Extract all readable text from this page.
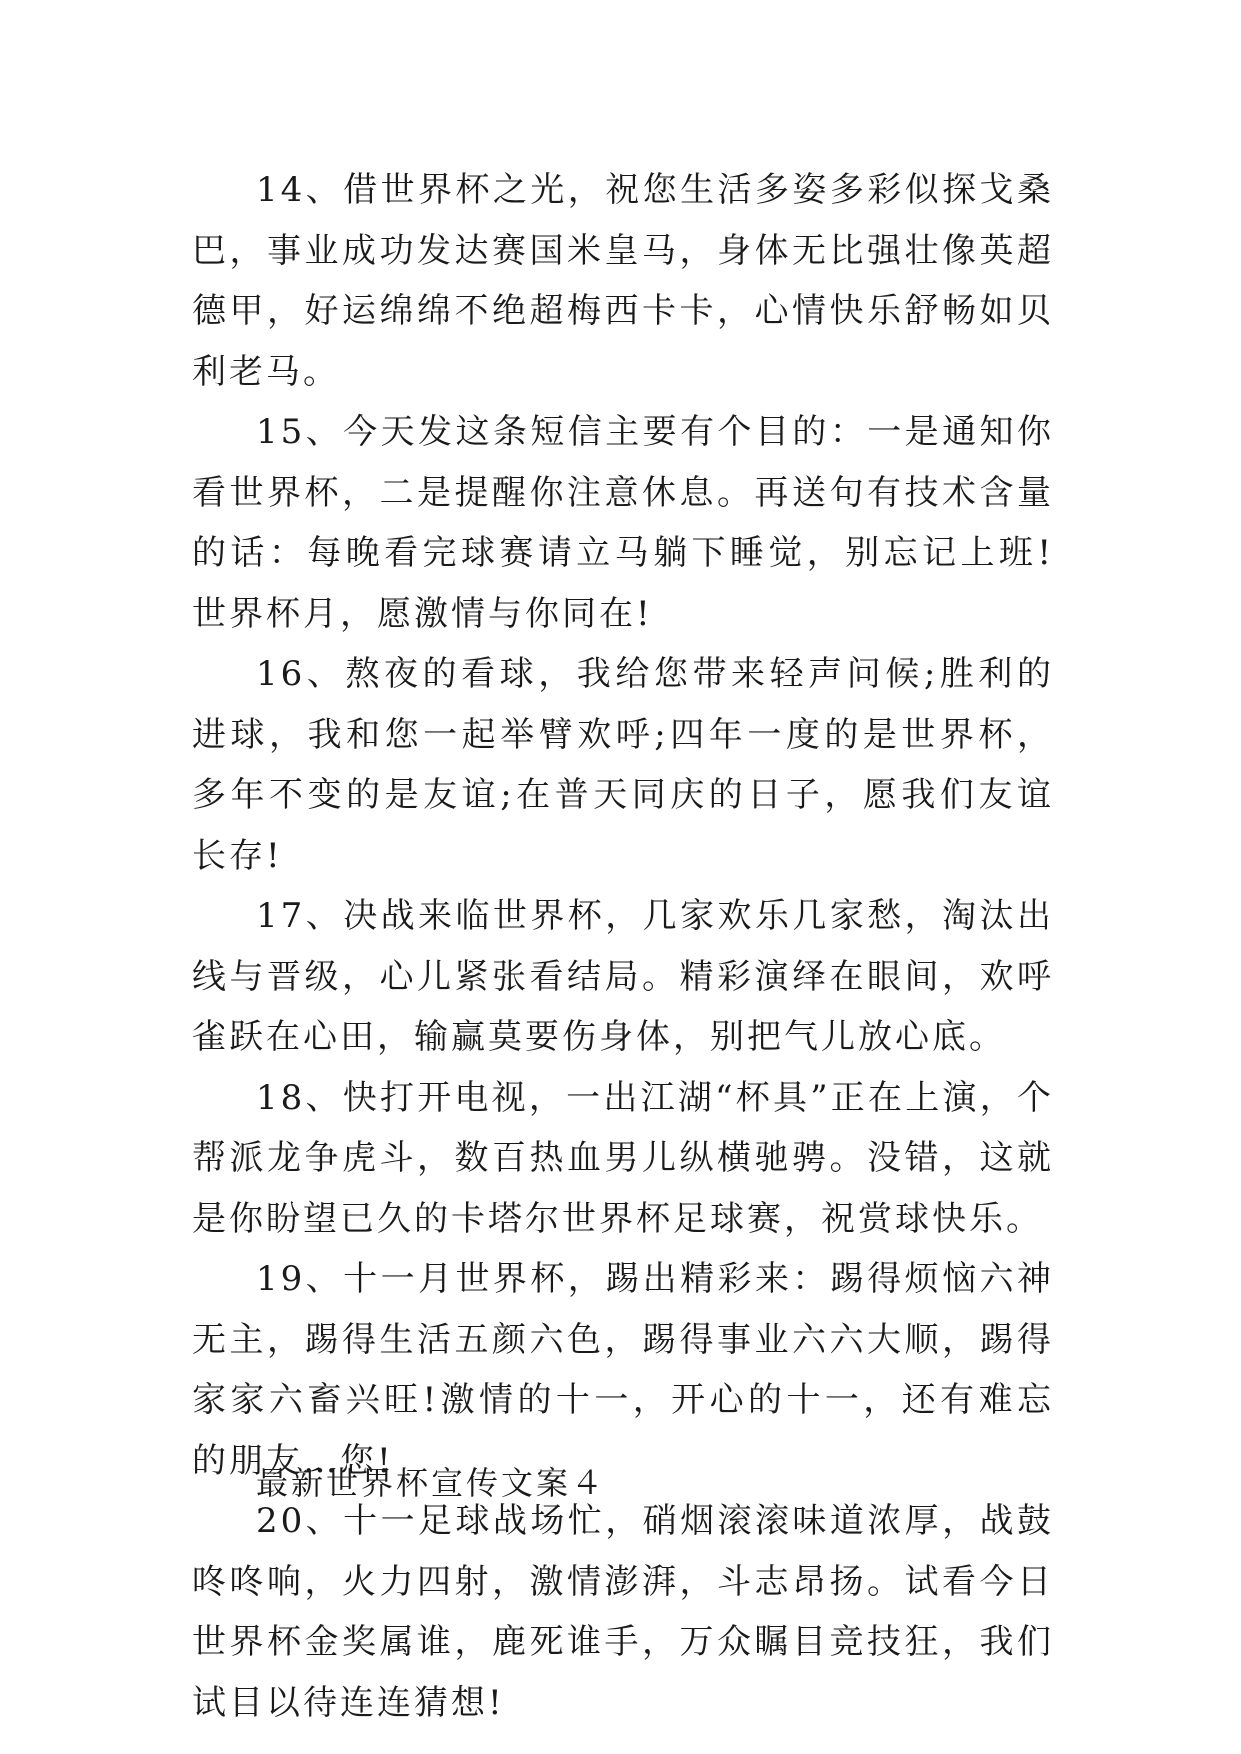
14、借世界杯之光，祝您生活多姿多彩似探戈桑巴，事业成功发达赛国米皇马，身体无比强壮像英超德甲，好运绵绵不绝超梅西卡卡，心情快乐舒畅如贝利老马。

15、今天发这条短信主要有个目的：一是通知你看世界杯，二是提醒你注意休息。再送句有技术含量的话：每晚看完球赛请立马躺下睡觉，别忘记上班!世界杯月，愿激情与你同在!

16、熬夜的看球，我给您带来轻声问候;胜利的进球，我和您一起举臂欢呼;四年一度的是世界杯，多年不变的是友谊;在普天同庆的日子，愿我们友谊长存!

17、决战来临世界杯，几家欢乐几家愁，淘汰出线与晋级，心儿紧张看结局。精彩演绎在眼间，欢呼雀跃在心田，输赢莫要伤身体，别把气儿放心底。

18、快打开电视，一出江湖“杯具”正在上演，个帮派龙争虎斗，数百热血男儿纵横驰骋。没错，这就是你盼望已久的卡塔尔世界杯足球赛，祝赏球快乐。

19、十一月世界杯，踢出精彩来：踢得烦恼六神无主，踢得生活五颜六色，踢得事业六六大顺，踢得家家六畜兴旺!激情的十一，开心的十一，还有难忘的朋友…您!

20、十一足球战场忙，硝烟滚滚味道浓厚，战鼓咚咚响，火力四射，激情澎湃，斗志昂扬。试看今日世界杯金奖属谁，鹿死谁手，万众瞩目竞技狂，我们试目以待连连猜想!

最新世界杯宣传文案４
